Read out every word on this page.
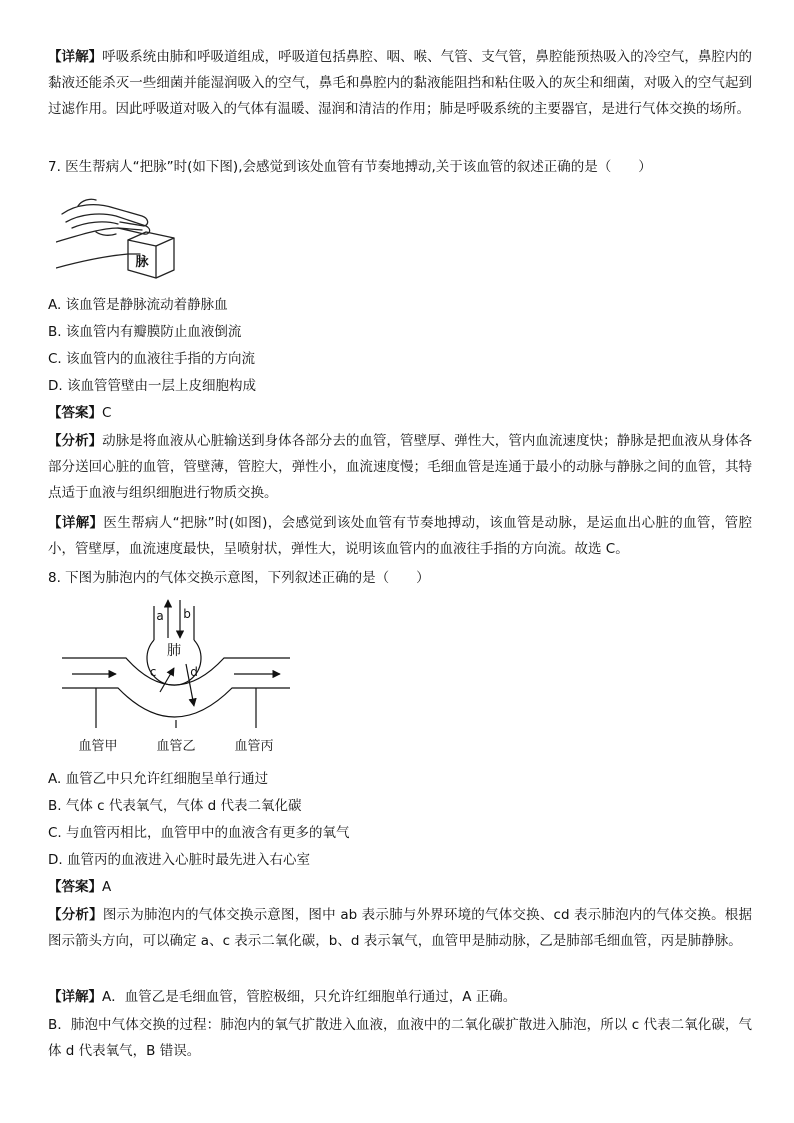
【详解】呼吸系统由肺和呼吸道组成，呼吸道包括鼻腔、咽、喉、气管、支气管，鼻腔能预热吸入的冷空气，鼻腔内的黏液还能杀灭一些细菌并能湿润吸入的空气，鼻毛和鼻腔内的黏液能阻挡和粘住吸入的灰尘和细菌，对吸入的空气起到过滤作用。因此呼吸道对吸入的气体有温暖、湿润和清洁的作用；肺是呼吸系统的主要器官，是进行气体交换的场所。

7. 医生帮病人“把脉”时(如下图),会感觉到该处血管有节奏地搏动,关于该血管的叙述正确的是（　　）

脉

A. 该血管是静脉流动着静脉血

B. 该血管内有瓣膜防止血液倒流

C. 该血管内的血液往手指的方向流

D. 该血管管壁由一层上皮细胞构成

【答案】C

【分析】动脉是将血液从心脏输送到身体各部分去的血管，管壁厚、弹性大，管内血流速度快；静脉是把血液从身体各部分送回心脏的血管，管壁薄，管腔大，弹性小，血流速度慢；毛细血管是连通于最小的动脉与静脉之间的血管，其特点适于血液与组织细胞进行物质交换。

【详解】医生帮病人“把脉”时(如图)，会感觉到该处血管有节奏地搏动，该血管是动脉，是运血出心脏的血管，管腔小，管壁厚，血流速度最快，呈喷射状，弹性大，说明该血管内的血液往手指的方向流。故选 C。

8. 下图为肺泡内的气体交换示意图，下列叙述正确的是（　　）

a b
肺
c	d
血管甲	血管乙	血管丙

A. 血管乙中只允许红细胞呈单行通过

B. 气体 c 代表氧气，气体 d 代表二氧化碳

C. 与血管丙相比，血管甲中的血液含有更多的氧气

D. 血管丙的血液进入心脏时最先进入右心室

【答案】A

【分析】图示为肺泡内的气体交换示意图，图中 ab 表示肺与外界环境的气体交换、cd 表示肺泡内的气体交换。根据图示箭头方向，可以确定 a、c 表示二氧化碳，b、d 表示氧气，血管甲是肺动脉，乙是肺部毛细血管，丙是肺静脉。

【详解】A．血管乙是毛细血管，管腔极细，只允许红细胞单行通过，A 正确。

B．肺泡中气体交换的过程：肺泡内的氧气扩散进入血液，血液中的二氧化碳扩散进入肺泡，所以 c 代表二氧化碳，气体 d 代表氧气，B 错误。
